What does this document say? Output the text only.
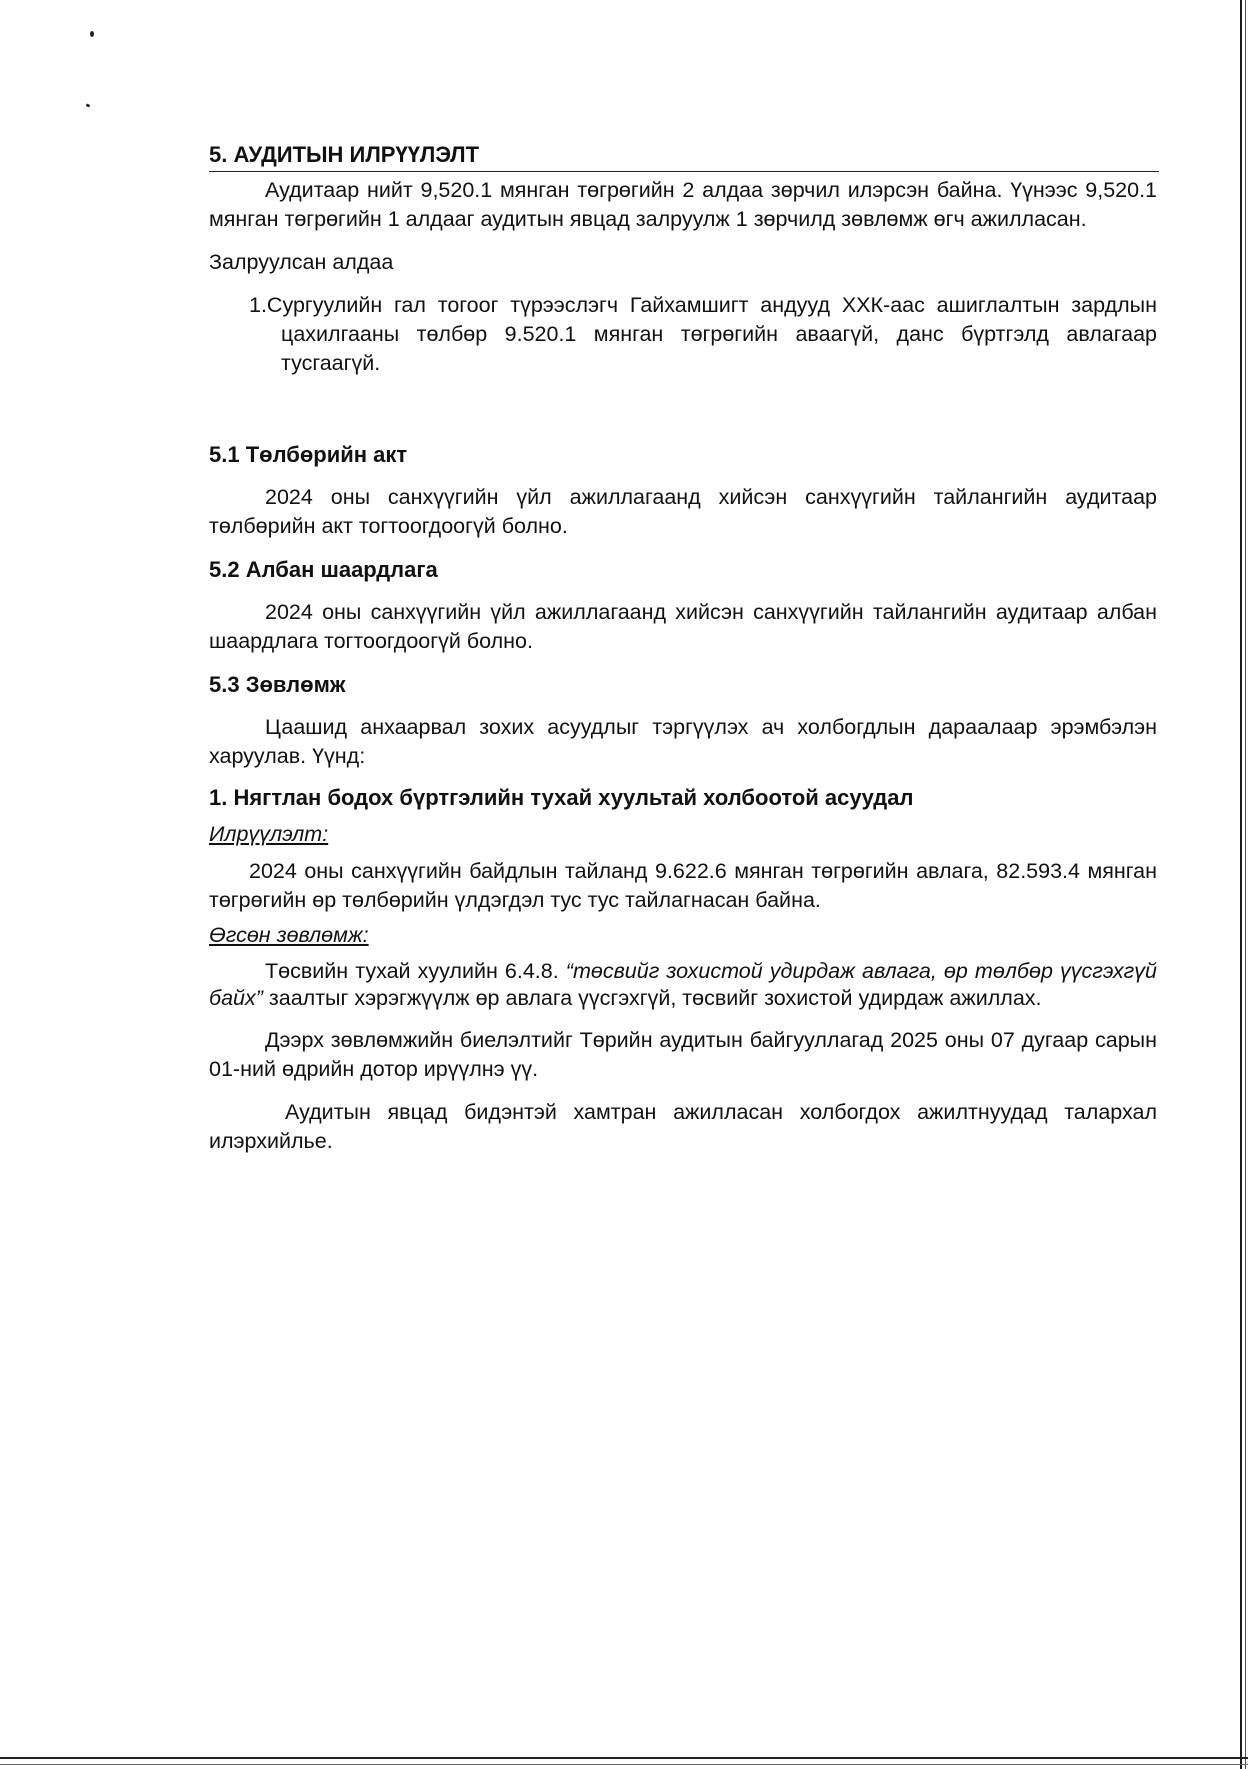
5. АУДИТЫН ИЛРҮҮЛЭЛТ

Аудитаар нийт 9,520.1 мянган төгрөгийн 2 алдаа зөрчил илэрсэн байна. Үүнээс 9,520.1 мянган төгрөгийн 1 алдааг аудитын явцад залруулж 1 зөрчилд зөвлөмж өгч ажилласан.

Залруулсан алдаа

1.Сургуулийн гал тогоог түрээслэгч Гайхамшигт андууд ХХК-аас ашиглалтын зардлын цахилгааны төлбөр 9.520.1 мянган төгрөгийн аваагүй, данс бүртгэлд авлагаар тусгаагүй.

5.1 Төлбөрийн акт

2024 оны санхүүгийн үйл ажиллагаанд хийсэн санхүүгийн тайлангийн аудитаар төлбөрийн акт тогтоогдоогүй болно.

5.2 Албан шаардлага

2024 оны санхүүгийн үйл ажиллагаанд хийсэн санхүүгийн тайлангийн аудитаар албан шаардлага тогтоогдоогүй болно.

5.3 Зөвлөмж

Цаашид анхаарвал зохих асуудлыг тэргүүлэх ач холбогдлын дараалаар эрэмбэлэн харуулав. Үүнд:

1. Нягтлан бодох бүртгэлийн тухай хуультай холбоотой асуудал

Илрүүлэлт:

2024 оны санхүүгийн байдлын тайланд 9.622.6 мянган төгрөгийн авлага, 82.593.4 мянган төгрөгийн өр төлбөрийн үлдэгдэл тус тус тайлагнасан байна.

Өгсөн зөвлөмж:

Төсвийн тухай хуулийн 6.4.8. “төсвийг зохистой удирдаж авлага, өр төлбөр үүсгэхгүй байх” заалтыг хэрэгжүүлж өр авлага үүсгэхгүй, төсвийг зохистой удирдаж ажиллах.

Дээрх зөвлөмжийн биелэлтийг Төрийн аудитын байгууллагад 2025 оны 07 дугаар сарын 01-ний өдрийн дотор ирүүлнэ үү.

Аудитын явцад бидэнтэй хамтран ажилласан холбогдох ажилтнуудад талархал илэрхийлье.
